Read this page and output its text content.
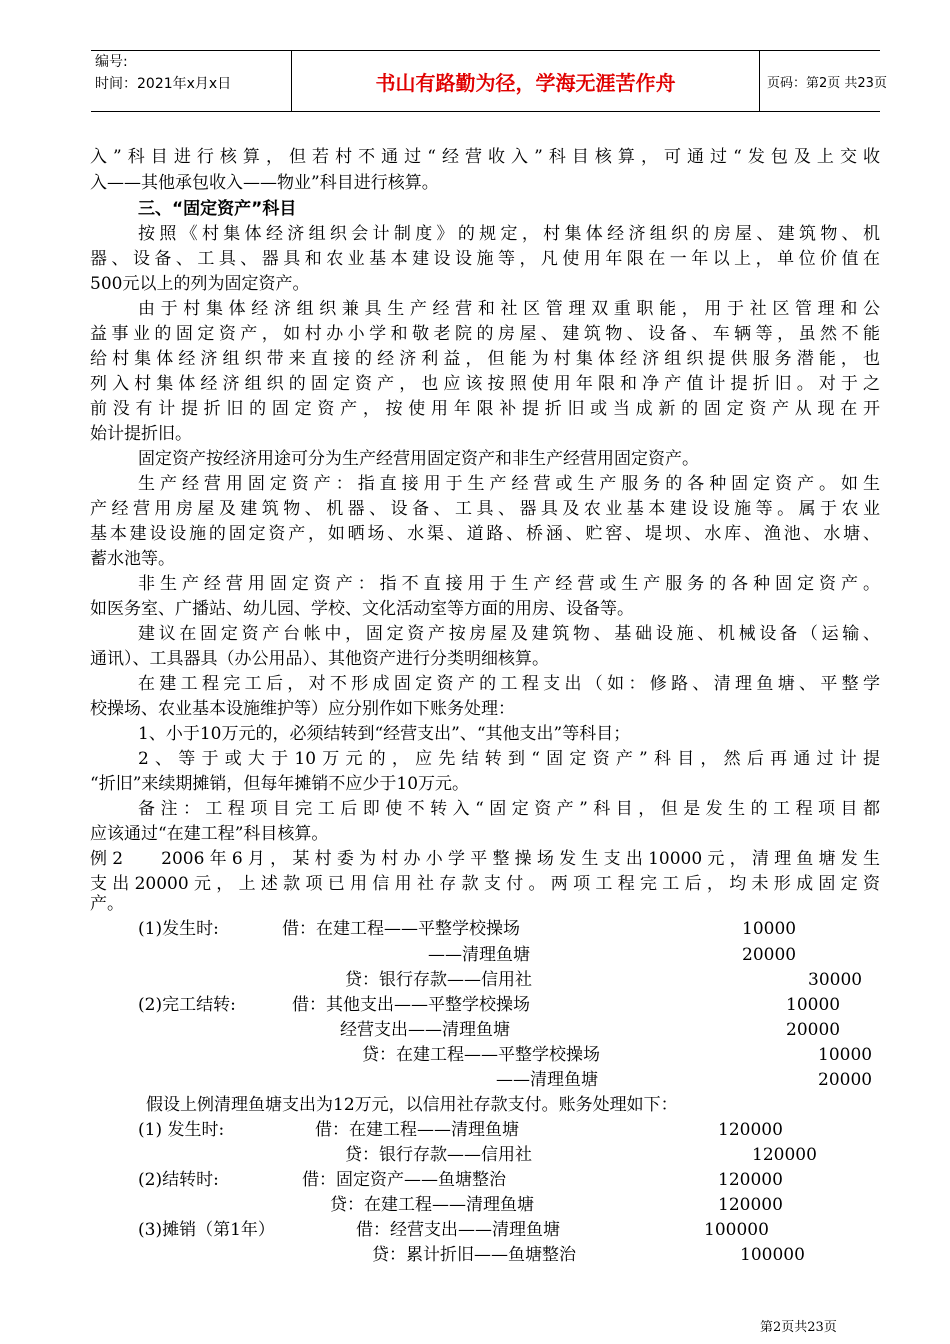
编号:
时间：2021年x月x日	书山有路勤为径，学海无涯苦作舟	页码：第2页 共23页
入”科目进行核算，但若村不通过“经营收入”科目核算，可通过“发包及上交收
入——其他承包收入——物业”科目进行核算。
三、“固定资产”科目
按照《村集体经济组织会计制度》的规定，村集体经济组织的房屋、建筑物、机
器、设备、工具、器具和农业基本建设设施等，凡使用年限在一年以上，单位价值在
500元以上的列为固定资产。
由于村集体经济组织兼具生产经营和社区管理双重职能，用于社区管理和公
益事业的固定资产，如村办小学和敬老院的房屋、建筑物、设备、车辆等，虽然不能
给村集体经济组织带来直接的经济利益，但能为村集体经济组织提供服务潜能，也
列入村集体经济组织的固定资产，也应该按照使用年限和净产值计提折旧。对于之
前没有计提折旧的固定资产，按使用年限补提折旧或当成新的固定资产从现在开
始计提折旧。
固定资产按经济用途可分为生产经营用固定资产和非生产经营用固定资产。
生产经营用固定资产：指直接用于生产经营或生产服务的各种固定资产。如生
产经营用房屋及建筑物、机器、设备、工具、器具及农业基本建设设施等。属于农业
基本建设设施的固定资产，如晒场、水渠、道路、桥涵、贮窖、堤坝、水库、渔池、水塘、
蓄水池等。
非生产经营用固定资产：指不直接用于生产经营或生产服务的各种固定资产。
如医务室、广播站、幼儿园、学校、文化活动室等方面的用房、设备等。
建议在固定资产台帐中，固定资产按房屋及建筑物、基础设施、机械设备（运输、
通讯）、工具器具（办公用品）、其他资产进行分类明细核算。
在建工程完工后，对不形成固定资产的工程支出（如：修路、清理鱼塘、平整学
校操场、农业基本设施维护等）应分别作如下账务处理：
1、小于10万元的，必须结转到“经营支出”、“其他支出”等科目；
2、等于或大于10万元的，应先结转到“固定资产”科目，然后再通过计提
“折旧”来续期摊销，但每年摊销不应少于10万元。
备注：工程项目完工后即使不转入“固定资产”科目，但是发生的工程项目都
应该通过“在建工程”科目核算。
例2　 2006年6月，某村委为村办小学平整操场发生支出10000元，清理鱼塘发生
支出20000元，上述款项已用信用社存款支付。两项工程完工后，均未形成固定资
产。
(1)发生时:	借：在建工程——平整学校操场	10000
——清理鱼塘	20000
贷：银行存款——信用社	30000
(2)完工结转:	借：其他支出——平整学校操场	10000
经营支出——清理鱼塘	20000
贷：在建工程——平整学校操场	10000
——清理鱼塘	20000
假设上例清理鱼塘支出为12万元，以信用社存款支付。账务处理如下：
(1) 发生时:	借：在建工程——清理鱼塘	120000
贷：银行存款——信用社	120000
(2)结转时:	借：固定资产——鱼塘整治	120000
贷：在建工程——清理鱼塘	120000
(3)摊销（第1年）	借：经营支出——清理鱼塘	100000
贷：累计折旧——鱼塘整治	100000
第2页共23页
